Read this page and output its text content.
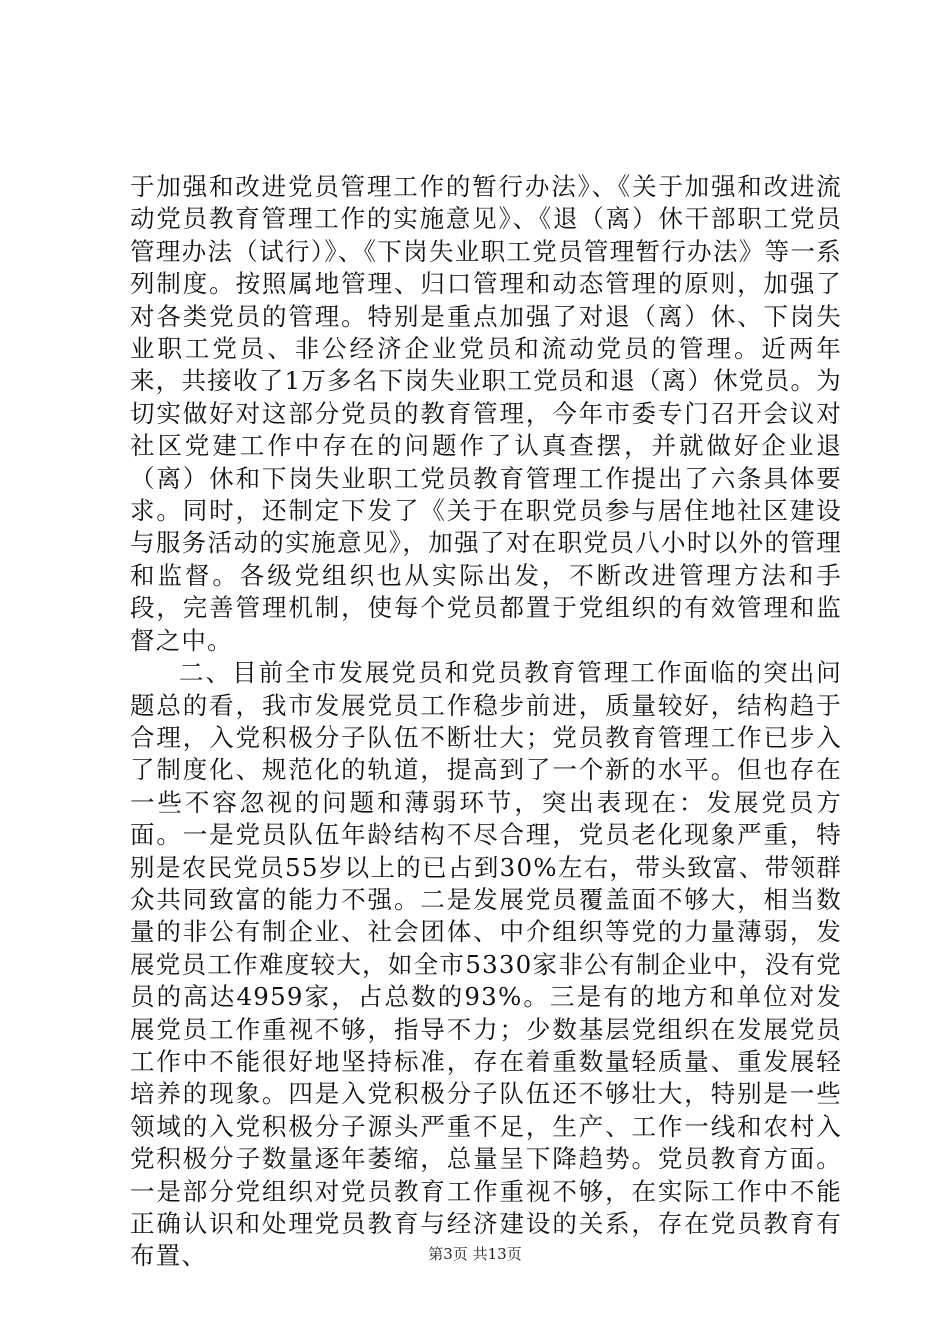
于加强和改进党员管理工作的暂行办法》、《关于加强和改进流动党员教育管理工作的实施意见》、《退（离）休干部职工党员管理办法（试行）》、《下岗失业职工党员管理暂行办法》等一系列制度。按照属地管理、归口管理和动态管理的原则，加强了对各类党员的管理。特别是重点加强了对退（离）休、下岗失业职工党员、非公经济企业党员和流动党员的管理。近两年来，共接收了1万多名下岗失业职工党员和退（离）休党员。为切实做好对这部分党员的教育管理，今年市委专门召开会议对社区党建工作中存在的问题作了认真查摆，并就做好企业退（离）休和下岗失业职工党员教育管理工作提出了六条具体要求。同时，还制定下发了《关于在职党员参与居住地社区建设与服务活动的实施意见》，加强了对在职党员八小时以外的管理和监督。各级党组织也从实际出发，不断改进管理方法和手段，完善管理机制，使每个党员都置于党组织的有效管理和监督之中。

二、目前全市发展党员和党员教育管理工作面临的突出问题总的看，我市发展党员工作稳步前进，质量较好，结构趋于合理，入党积极分子队伍不断壮大；党员教育管理工作已步入了制度化、规范化的轨道，提高到了一个新的水平。但也存在一些不容忽视的问题和薄弱环节，突出表现在：发展党员方面。一是党员队伍年龄结构不尽合理，党员老化现象严重，特别是农民党员55岁以上的已占到30%左右，带头致富、带领群众共同致富的能力不强。二是发展党员覆盖面不够大，相当数量的非公有制企业、社会团体、中介组织等党的力量薄弱，发展党员工作难度较大，如全市5330家非公有制企业中，没有党员的高达4959家，占总数的93%。三是有的地方和单位对发展党员工作重视不够，指导不力；少数基层党组织在发展党员工作中不能很好地坚持标准，存在着重数量轻质量、重发展轻培养的现象。四是入党积极分子队伍还不够壮大，特别是一些领域的入党积极分子源头严重不足，生产、工作一线和农村入党积极分子数量逐年萎缩，总量呈下降趋势。党员教育方面。一是部分党组织对党员教育工作重视不够，在实际工作中不能正确认识和处理党员教育与经济建设的关系，存在党员教育有布置、	第3页 共13页
